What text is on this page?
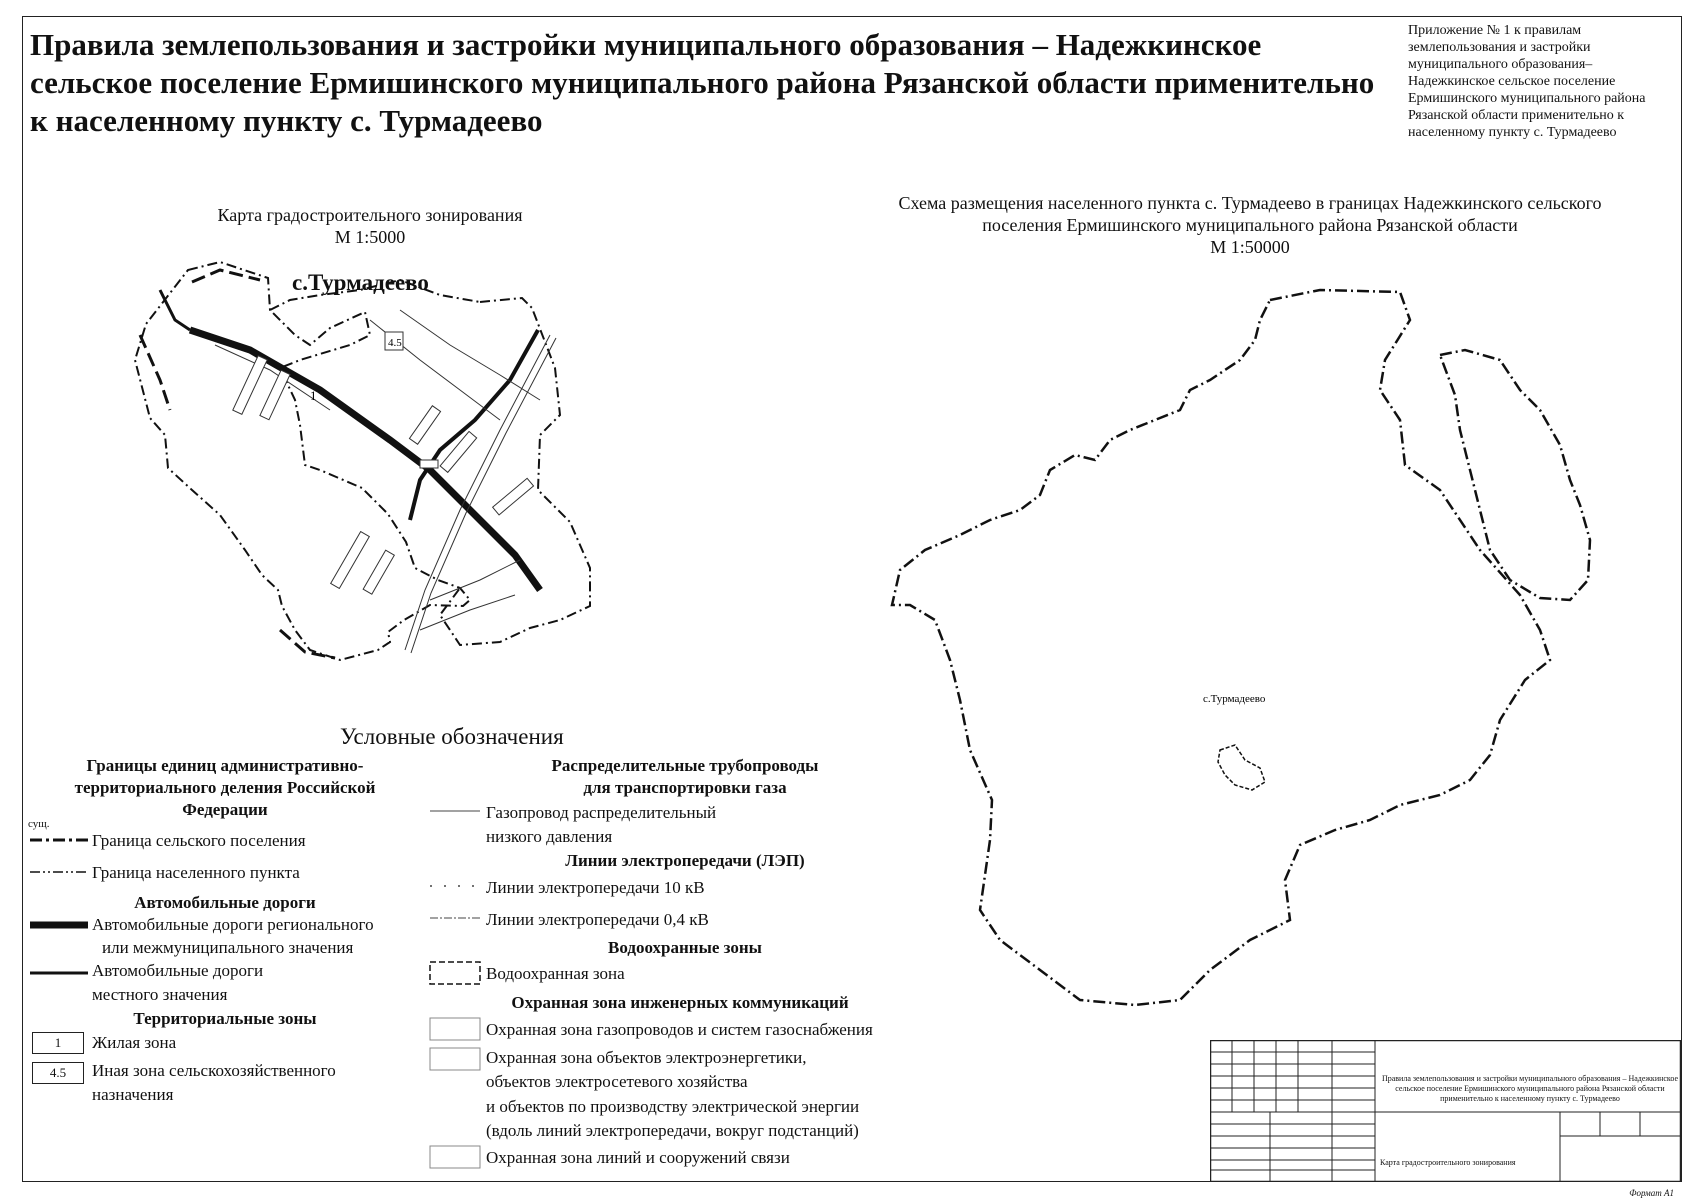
Правила землепользования и застройки муниципального образования – Надежкинское сельское поселение Ермишинского муниципального района Рязанской области применительно к населенному пункту с. Турмадеево
Приложение № 1 к правилам землепользования и застройки муниципального образования– Надежкинское сельское поселение Ермишинского муниципального района Рязанской области применительно к населенному пункту с. Турмадеево
Карта градостроительного зонирования
М 1:5000
с.Турмадеево
1
4.5
Схема размещения населенного пункта с. Турмадеево в границах Надежкинского сельского
поселения Ермишинского муниципального района Рязанской области
М 1:50000
с.Турмадеево
Условные обозначения
Границы единиц административно-территориального деления Российской Федерации
сущ.
Граница сельского поселения
Граница населенного пункта
Автомобильные дороги
Автомобильные дороги регионального
или межмуниципального значения
Автомобильные дороги
местного значения
Территориальные зоны
1	Жилая зона
4.5	Иная зона сельскохозяйственного
назначения
Распределительные трубопроводы
для транспортировки газа
Газопровод распределительный
низкого давления
Линии электропередачи (ЛЭП)
Линии электропередачи 10 кВ
Линии электропередачи 0,4 кВ
Водоохранные зоны
Водоохранная зона
Охранная зона инженерных коммуникаций
Охранная зона газопроводов и систем газоснабжения
Охранная зона объектов электроэнергетики,
объектов электросетевого хозяйства
и объектов по производству электрической энергии
(вдоль линий электропередачи, вокруг подстанций)
Охранная зона линий и сооружений связи
Правила землепользования и застройки муниципального образования – Надежкинское сельское поселение Ермишинского муниципального района Рязанской области применительно к населенному пункту с. Турмадеево
Карта градостроительного зонирования
Формат А1
